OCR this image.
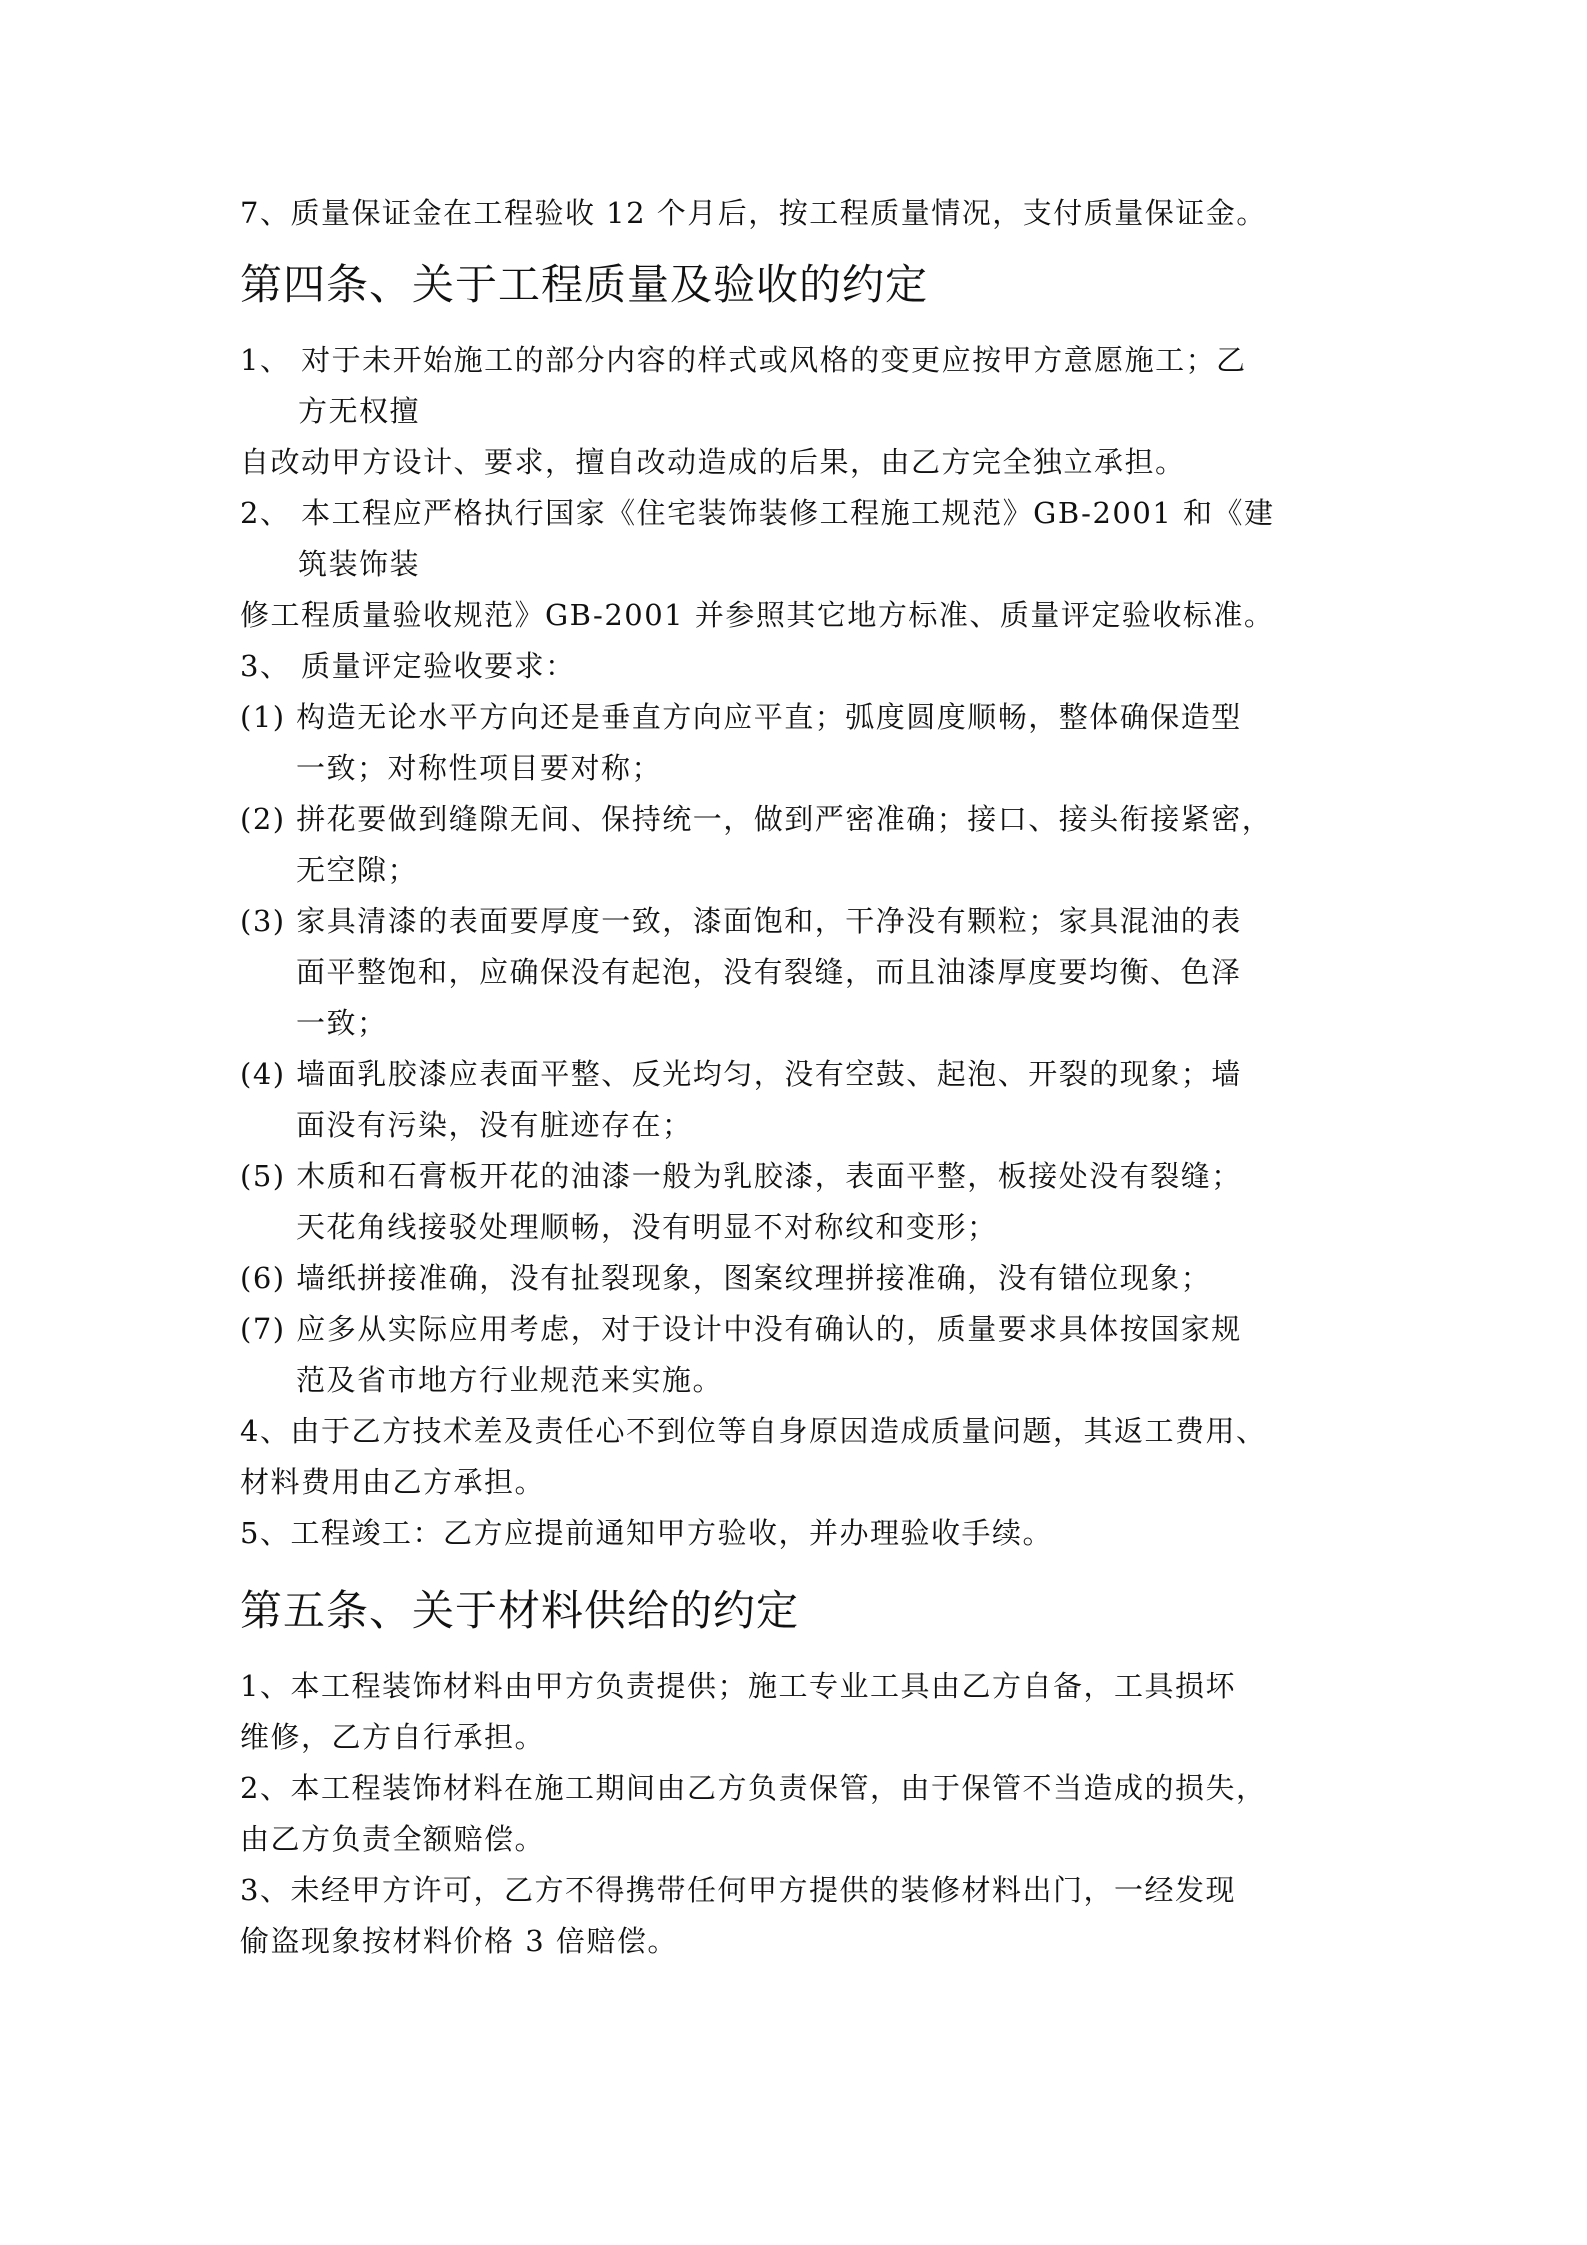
7、质量保证金在工程验收 12 个月后，按工程质量情况，支付质量保证金。
第四条、关于工程质量及验收的约定
1、 对于未开始施工的部分内容的样式或风格的变更应按甲方意愿施工；乙
方无权擅
自改动甲方设计、要求，擅自改动造成的后果，由乙方完全独立承担。
2、 本工程应严格执行国家《住宅装饰装修工程施工规范》GB-2001 和《建
筑装饰装
修工程质量验收规范》GB-2001 并参照其它地方标准、质量评定验收标准。
3、 质量评定验收要求：
(1) 构造无论水平方向还是垂直方向应平直；弧度圆度顺畅，整体确保造型
一致；对称性项目要对称；
(2) 拼花要做到缝隙无间、保持统一，做到严密准确；接口、接头衔接紧密，
无空隙；
(3) 家具清漆的表面要厚度一致，漆面饱和，干净没有颗粒；家具混油的表
面平整饱和，应确保没有起泡，没有裂缝，而且油漆厚度要均衡、色泽
一致；
(4) 墙面乳胶漆应表面平整、反光均匀，没有空鼓、起泡、开裂的现象；墙
面没有污染，没有脏迹存在；
(5) 木质和石膏板开花的油漆一般为乳胶漆，表面平整，板接处没有裂缝；
天花角线接驳处理顺畅，没有明显不对称纹和变形；
(6) 墙纸拼接准确，没有扯裂现象，图案纹理拼接准确，没有错位现象；
(7) 应多从实际应用考虑，对于设计中没有确认的，质量要求具体按国家规
范及省市地方行业规范来实施。
4、由于乙方技术差及责任心不到位等自身原因造成质量问题，其返工费用、
材料费用由乙方承担。
5、工程竣工：乙方应提前通知甲方验收，并办理验收手续。
第五条、关于材料供给的约定
1、本工程装饰材料由甲方负责提供；施工专业工具由乙方自备，工具损坏
维修，乙方自行承担。
2、本工程装饰材料在施工期间由乙方负责保管，由于保管不当造成的损失，
由乙方负责全额赔偿。
3、未经甲方许可，乙方不得携带任何甲方提供的装修材料出门，一经发现
偷盗现象按材料价格 3 倍赔偿。
